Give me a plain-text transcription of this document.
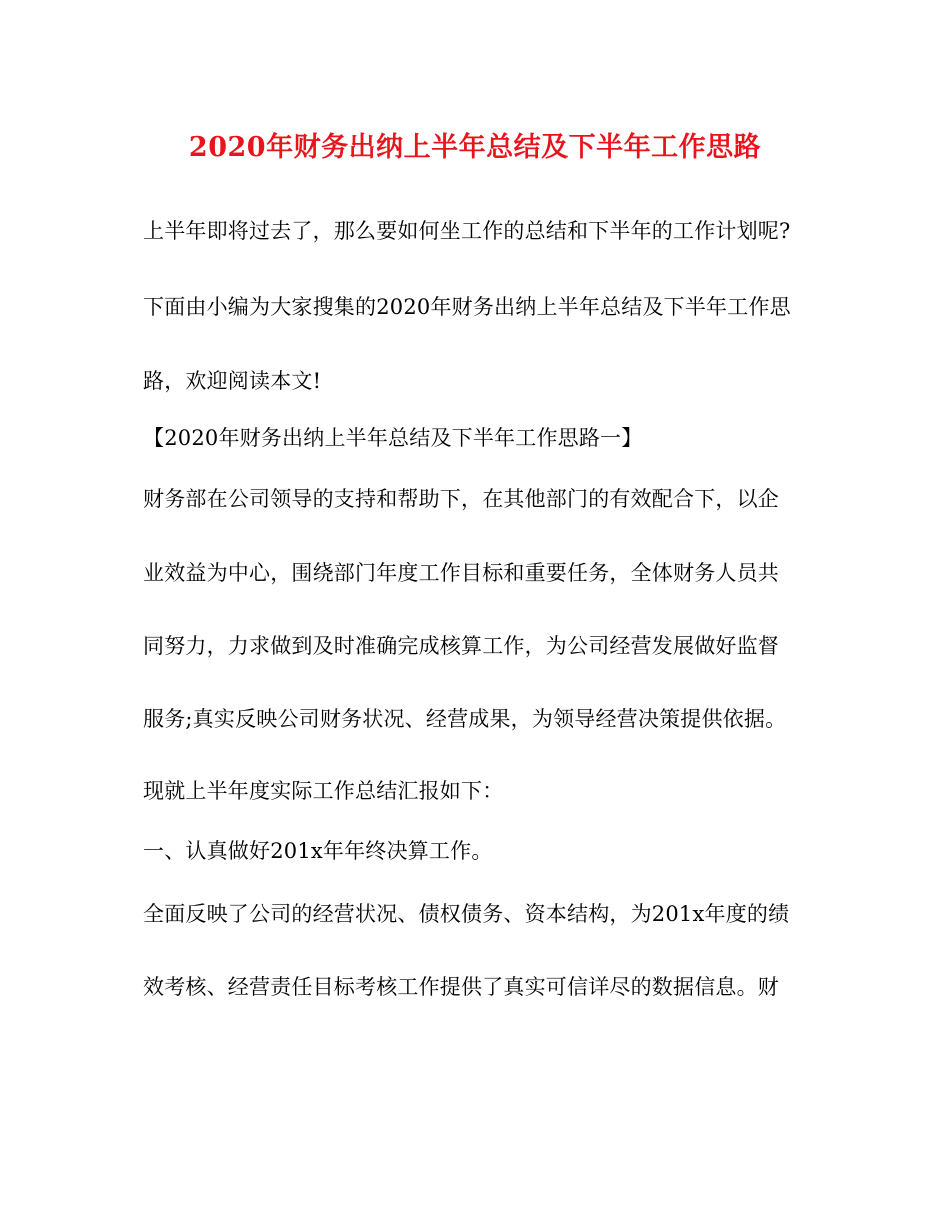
2020年财务出纳上半年总结及下半年工作思路
上半年即将过去了，那么要如何坐工作的总结和下半年的工作计划呢?
下面由小编为大家搜集的2020年财务出纳上半年总结及下半年工作思
路，欢迎阅读本文!
【2020年财务出纳上半年总结及下半年工作思路一】
财务部在公司领导的支持和帮助下，在其他部门的有效配合下，以企
业效益为中心，围绕部门年度工作目标和重要任务，全体财务人员共
同努力，力求做到及时准确完成核算工作，为公司经营发展做好监督
服务;真实反映公司财务状况、经营成果，为领导经营决策提供依据。
现就上半年度实际工作总结汇报如下：
一、认真做好201x年年终决算工作。
全面反映了公司的经营状况、债权债务、资本结构，为201x年度的绩
效考核、经营责任目标考核工作提供了真实可信详尽的数据信息。财
